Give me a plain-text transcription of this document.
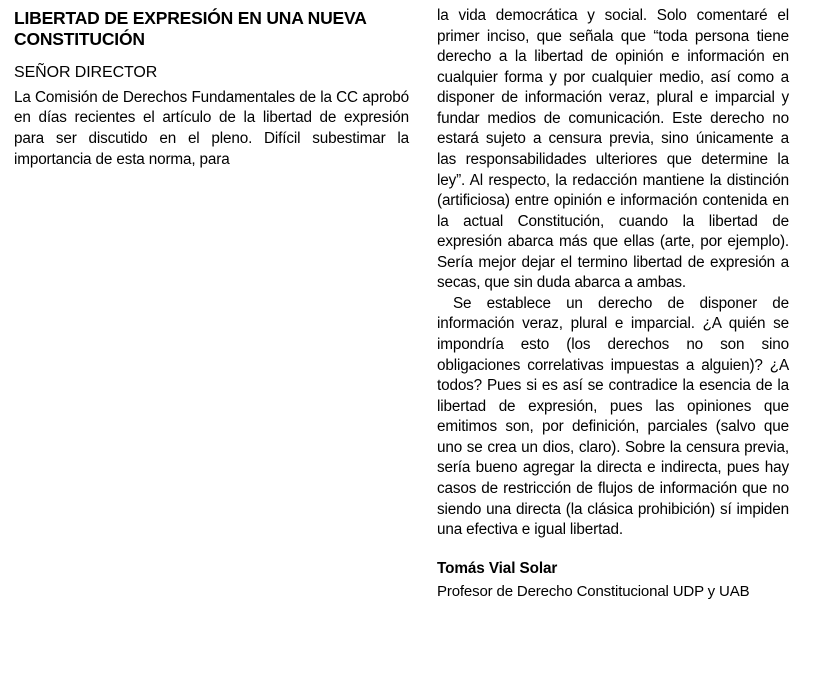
LIBERTAD DE EXPRESIÓN EN UNA NUEVA CONSTITUCIÓN
SEÑOR DIRECTOR

La Comisión de Derechos Fundamentales de la CC aprobó en días recientes el artículo de la libertad de expresión para ser discutido en el pleno. Difícil subestimar la importancia de esta norma, para

la vida democrática y social. Solo comentaré el primer inciso, que señala que “toda persona tiene derecho a la libertad de opinión e información en cualquier forma y por cualquier medio, así como a disponer de información veraz, plural e imparcial y fundar medios de comunicación. Este derecho no estará sujeto a censura previa, sino únicamente a las responsabilidades ulteriores que determine la ley”. Al respecto, la redacción mantiene la distinción (artificiosa) entre opinión e información contenida en la actual Constitución, cuando la libertad de expresión abarca más que ellas (arte, por ejemplo). Sería mejor dejar el termino libertad de expresión a secas, que sin duda abarca a ambas.

Se establece un derecho de disponer de información veraz, plural e imparcial. ¿A quién se impondría esto (los derechos no son sino obligaciones correlativas impuestas a alguien)? ¿A todos? Pues si es así se contradice la esencia de la libertad de expresión, pues las opiniones que emitimos son, por definición, parciales (salvo que uno se crea un dios, claro). Sobre la censura previa, sería bueno agregar la directa e indirecta, pues hay casos de restricción de flujos de información que no siendo una directa (la clásica prohibición) sí impiden una efectiva e igual libertad.

Tomás Vial Solar
Profesor de Derecho Constitucional UDP y UAB
